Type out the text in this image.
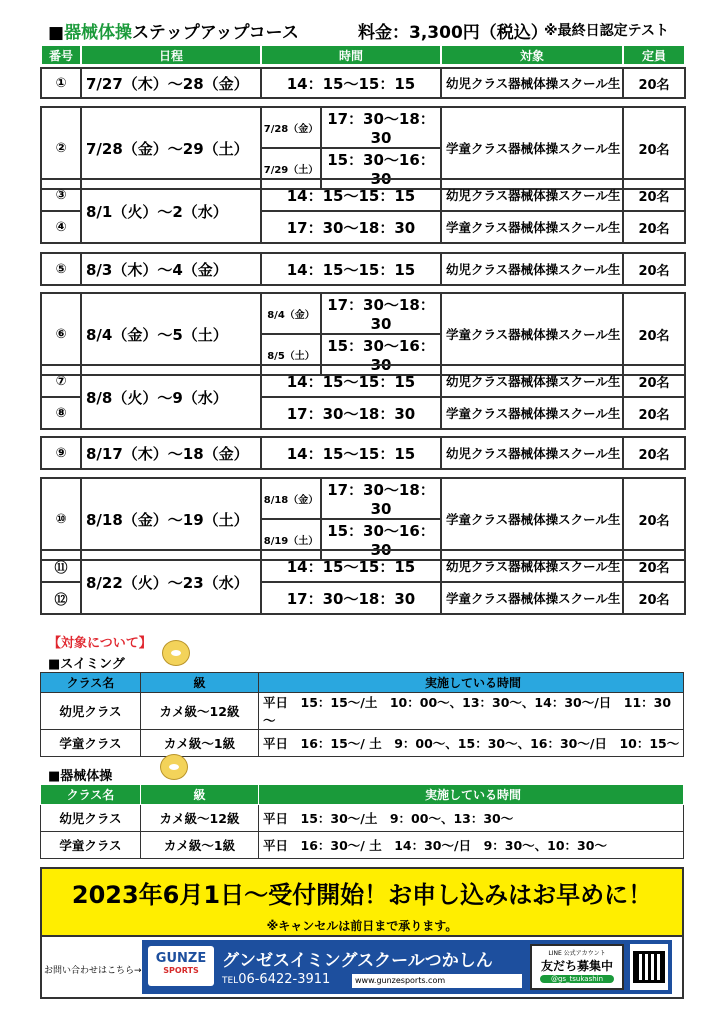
■器械体操ステップアップコース	料金：3,300円（税込）
※最終日認定テスト
番号	日程	時間	対象	定員
①	7/27（木）～28（金）	14：15～15：15	幼児クラス器械体操スクール生	20名
②	7/28（金）～29（土）	7/28（金）	17：30～18：30	学童クラス器械体操スクール生	20名
		7/29（土）	15：30～16：30		
③	8/1（火）～2（水）	14：15～15：15	幼児クラス器械体操スクール生	20名
④		17：30～18：30	学童クラス器械体操スクール生	20名
⑤	8/3（木）～4（金）	14：15～15：15	幼児クラス器械体操スクール生	20名
⑥	8/4（金）～5（土）	8/4（金）	17：30～18：30	学童クラス器械体操スクール生	20名
		8/5（土）	15：30～16：30		
⑦	8/8（火）～9（水）	14：15～15：15	幼児クラス器械体操スクール生	20名
⑧		17：30～18：30	学童クラス器械体操スクール生	20名
⑨	8/17（木）～18（金）	14：15～15：15	幼児クラス器械体操スクール生	20名
⑩	8/18（金）～19（土）	8/18（金）	17：30～18：30	学童クラス器械体操スクール生	20名
		8/19（土）	15：30～16：30		
⑪	8/22（火）～23（水）	14：15～15：15	幼児クラス器械体操スクール生	20名
⑫		17：30～18：30	学童クラス器械体操スクール生	20名
【対象について】
■スイミング
クラス名	級	実施している時間
幼児クラス	カメ級～12級	平日　15：15～/土　10：00～、13：30～、14：30～/日　11：30～
学童クラス	カメ級～1級	平日　16：15～/ 土　9：00～、15：30～、16：30～/日　10：15～
■器械体操
クラス名	級	実施している時間
幼児クラス	カメ級～12級	平日　15：30～/土　9：00～、13：30～
学童クラス	カメ級～1級	平日　16：30～/ 土　14：30～/日　9：30～、10：30～
2023年6月1日～受付開始！お申し込みはお早めに！
※キャンセルは前日まで承ります。
お問い合わせはこちら→
GUNZE
SPORTS	グンゼスイミングスクールつかしん
TEL06-6422-3911	www.gunzesports.com
LINE 公式アカウント
友だち募集中
@gs_tsukashin
